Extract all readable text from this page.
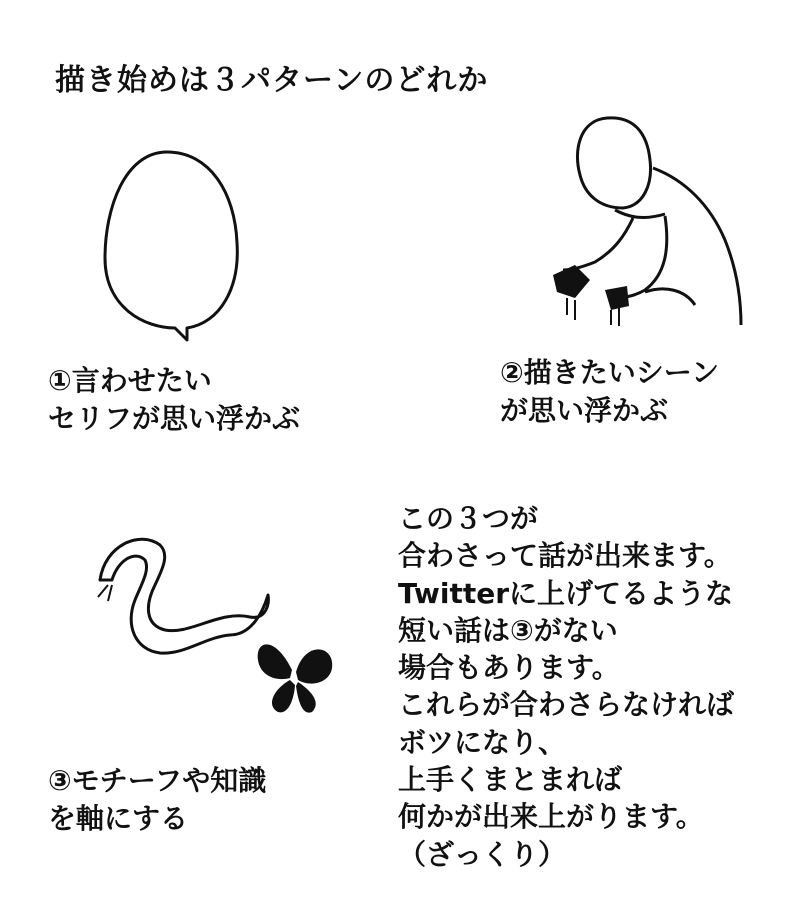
描き始めは３パターンのどれか
①言わせたい
セリフが思い浮かぶ
②描きたいシーン
が思い浮かぶ
③モチーフや知識
を軸にする
この３つが
合わさって話が出来ます。
Twitterに上げてるような
短い話は③がない
場合もあります。
これらが合わさらなければ
ボツになり、
上手くまとまれば
何かが出来上がります。
（ざっくり）
